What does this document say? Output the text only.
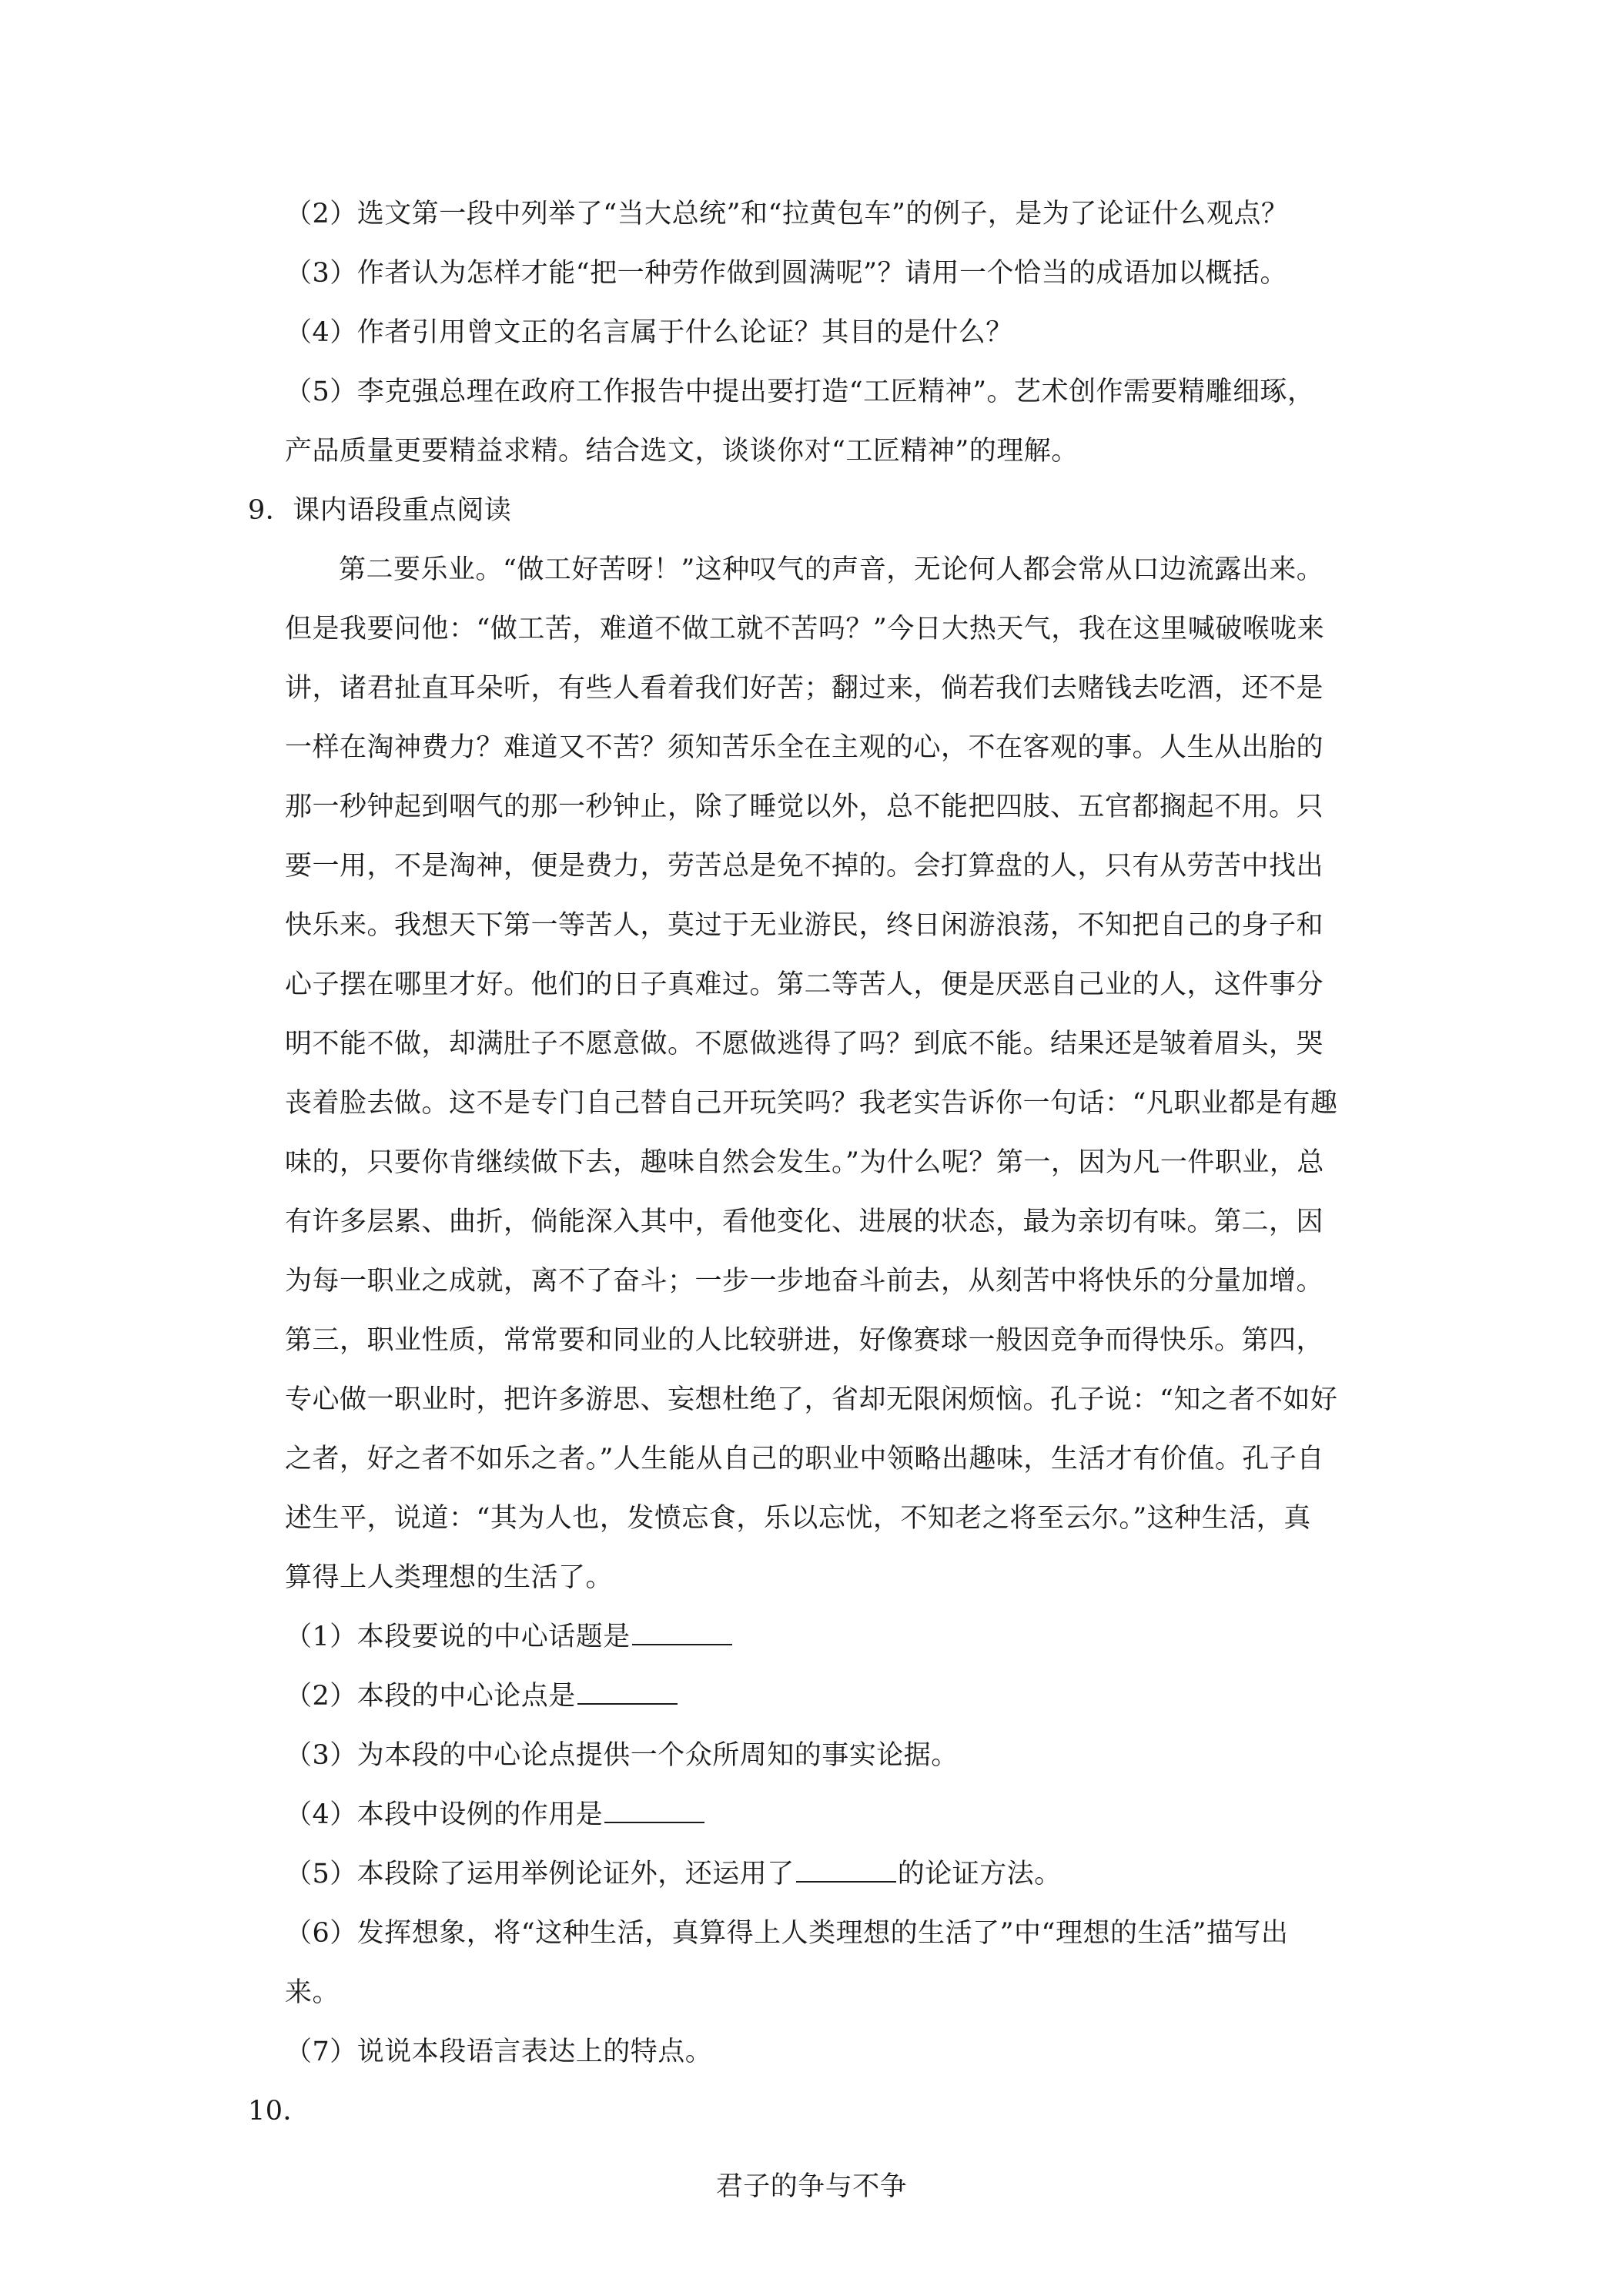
（2）选文第一段中列举了“当大总统”和“拉黄包车”的例子，是为了论证什么观点？
（3）作者认为怎样才能“把一种劳作做到圆满呢”？请用一个恰当的成语加以概括。
（4）作者引用曾文正的名言属于什么论证？其目的是什么？
（5）李克强总理在政府工作报告中提出要打造“工匠精神”。艺术创作需要精雕细琢，
产品质量更要精益求精。结合选文，谈谈你对“工匠精神”的理解。
9．课内语段重点阅读
第二要乐业。“做工好苦呀！”这种叹气的声音，无论何人都会常从口边流露出来。
但是我要问他：“做工苦，难道不做工就不苦吗？”今日大热天气，我在这里喊破喉咙来
讲，诸君扯直耳朵听，有些人看着我们好苦；翻过来，倘若我们去赌钱去吃酒，还不是
一样在淘神费力？难道又不苦？须知苦乐全在主观的心，不在客观的事。人生从出胎的
那一秒钟起到咽气的那一秒钟止，除了睡觉以外，总不能把四肢、五官都搁起不用。只
要一用，不是淘神，便是费力，劳苦总是免不掉的。会打算盘的人，只有从劳苦中找出
快乐来。我想天下第一等苦人，莫过于无业游民，终日闲游浪荡，不知把自己的身子和
心子摆在哪里才好。他们的日子真难过。第二等苦人，便是厌恶自己业的人，这件事分
明不能不做，却满肚子不愿意做。不愿做逃得了吗？到底不能。结果还是皱着眉头，哭
丧着脸去做。这不是专门自己替自己开玩笑吗？我老实告诉你一句话：“凡职业都是有趣
味的，只要你肯继续做下去，趣味自然会发生。”为什么呢？第一，因为凡一件职业，总
有许多层累、曲折，倘能深入其中，看他变化、进展的状态，最为亲切有味。第二，因
为每一职业之成就，离不了奋斗；一步一步地奋斗前去，从刻苦中将快乐的分量加增。
第三，职业性质，常常要和同业的人比较骈进，好像赛球一般因竞争而得快乐。第四，
专心做一职业时，把许多游思、妄想杜绝了，省却无限闲烦恼。孔子说：“知之者不如好
之者，好之者不如乐之者。”人生能从自己的职业中领略出趣味，生活才有价值。孔子自
述生平，说道：“其为人也，发愤忘食，乐以忘忧，不知老之将至云尔。”这种生活，真
算得上人类理想的生活了。
（1）本段要说的中心话题是
（2）本段的中心论点是
（3）为本段的中心论点提供一个众所周知的事实论据。
（4）本段中设例的作用是
（5）本段除了运用举例论证外，还运用了	的论证方法。
（6）发挥想象，将“这种生活，真算得上人类理想的生活了”中“理想的生活”描写出
来。
（7）说说本段语言表达上的特点。
10．
君子的争与不争
